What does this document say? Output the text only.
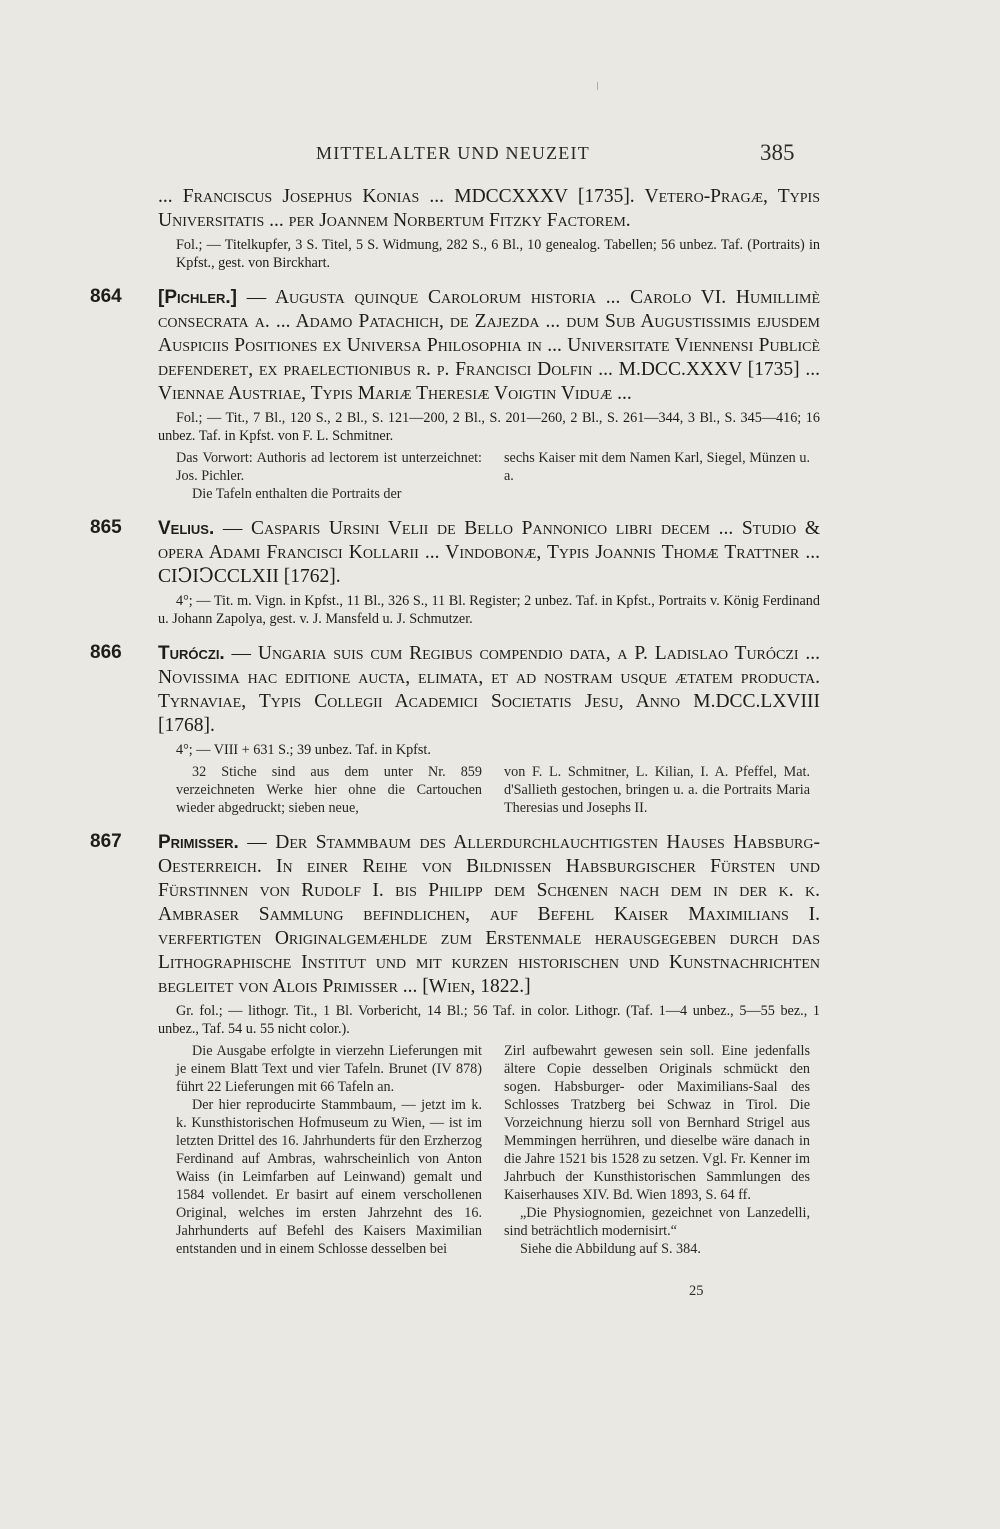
MITTELALTER UND NEUZEIT	385
... Franciscus Josephus Konias ... MDCCXXXV [1735]. Vetero-Pragæ, Typis Univerſitatis ... per Joannem Norbertum Fitzky Factorem.
Fol.; — Titelkupfer, 3 S. Titel, 5 S. Widmung, 282 S., 6 Bl., 10 genealog. Tabellen; 56 unbez. Taf. (Portraits) in Kpfst., gest. von Birckhart.
864 [Pichler.] — Augusta quinque Carolorum historia ... Carolo VI. Humillimè conſecrata a. ... Adamo Patachich, de Zajezda ... dum Sub Auguſtiſſimis ejuſdem Auſpiciis Poſitiones ex Univerſa Philoſophia in ... Universitate Viennensi Publicè defenderet, ex praelectionibus r. p. Francisci Dolfin ... M.DCC.XXXV [1735] ... Viennae Austriae, Typis Mariæ Thereſiæ Voigtin Viduæ ...
Fol.; — Tit., 7 Bl., 120 S., 2 Bl., S. 121—200, 2 Bl., S. 201—260, 2 Bl., S. 261—344, 3 Bl., S. 345—416; 16 unbez. Taf. in Kpfst. von F. L. Schmitner.

Das Vorwort: Authoris ad lectorem ist unterzeichnet: Jos. Pichler.

Die Tafeln enthalten die Portraits der

sechs Kaiser mit dem Namen Karl, Siegel, Münzen u. a.

865 Velius. — Casparis Ursini Velii de Bello Pannonico libri decem ... Studio & opera Adami Francisci Kollarii ... Vindobonæ, Typis Joannis Thomæ Trattner ... CIↃIↃCCLXII [1762].
4°; — Tit. m. Vign. in Kpfst., 11 Bl., 326 S., 11 Bl. Register; 2 unbez. Taf. in Kpfst., Portraits v. König Ferdinand u. Johann Zapolya, gest. v. J. Mansfeld u. J. Schmutzer.
866 Turóczi. — Ungaria suis cum Regibus compendio data, a P. Ladislao Turóczi ... Novissima hac editione aucta, elimata, et ad nostram usque ætatem producta. Tyrnaviae, Typis Collegii Academici Societatis Jesu, Anno M.DCC.LXVIII [1768].
4°; — VIII + 631 S.; 39 unbez. Taf. in Kpfst.

32 Stiche sind aus dem unter Nr. 859 verzeichneten Werke hier ohne die Cartouchen wieder abgedruckt; sieben neue,

von F. L. Schmitner, L. Kilian, I. A. Pfeffel, Mat. d'Sallieth gestochen, bringen u. a. die Portraits Maria Theresias und Josephs II.

867 Primisser. — Der Stammbaum des Allerdurchlauchtigsten Hauses Habsburg-Oesterreich. In einer Reihe von Bildnissen Habsburgischer Fürsten und Fürstinnen von Rudolf I. bis Philipp dem Schœnen nach dem in der k. k. Ambraser Sammlung befindlichen, auf Befehl Kaiser Maximilians I. verfertigten Originalgemæhlde zum Erstenmale herausgegeben durch das Lithographische Institut und mit kurzen historischen und Kunstnachrichten begleitet von Alois Primisser ... [Wien, 1822.]
Gr. fol.; — lithogr. Tit., 1 Bl. Vorbericht, 14 Bl.; 56 Taf. in color. Lithogr. (Taf. 1—4 unbez., 5—55 bez., 1 unbez., Taf. 54 u. 55 nicht color.).

Die Ausgabe erfolgte in vierzehn Lieferungen mit je einem Blatt Text und vier Tafeln. Brunet (IV 878) führt 22 Lieferungen mit 66 Tafeln an.

Der hier reproducirte Stammbaum, — jetzt im k. k. Kunsthistorischen Hofmuseum zu Wien, — ist im letzten Drittel des 16. Jahrhunderts für den Erzherzog Ferdinand auf Ambras, wahrscheinlich von Anton Waiss (in Leimfarben auf Leinwand) gemalt und 1584 vollendet. Er basirt auf einem verschollenen Original, welches im ersten Jahrzehnt des 16. Jahrhunderts auf Befehl des Kaisers Maximilian entstanden und in einem Schlosse desselben bei

Zirl aufbewahrt gewesen sein soll. Eine jedenfalls ältere Copie desselben Originals schmückt den sogen. Habsburger- oder Maximilians-Saal des Schlosses Tratzberg bei Schwaz in Tirol. Die Vorzeichnung hierzu soll von Bernhard Strigel aus Memmingen herrühren, und dieselbe wäre danach in die Jahre 1521 bis 1528 zu setzen. Vgl. Fr. Kenner im Jahrbuch der Kunsthistorischen Sammlungen des Kaiserhauses XIV. Bd. Wien 1893, S. 64 ff.

„Die Physiognomien, gezeichnet von Lanzedelli, sind beträchtlich modernisirt.“

Siehe die Abbildung auf S. 384.

25
